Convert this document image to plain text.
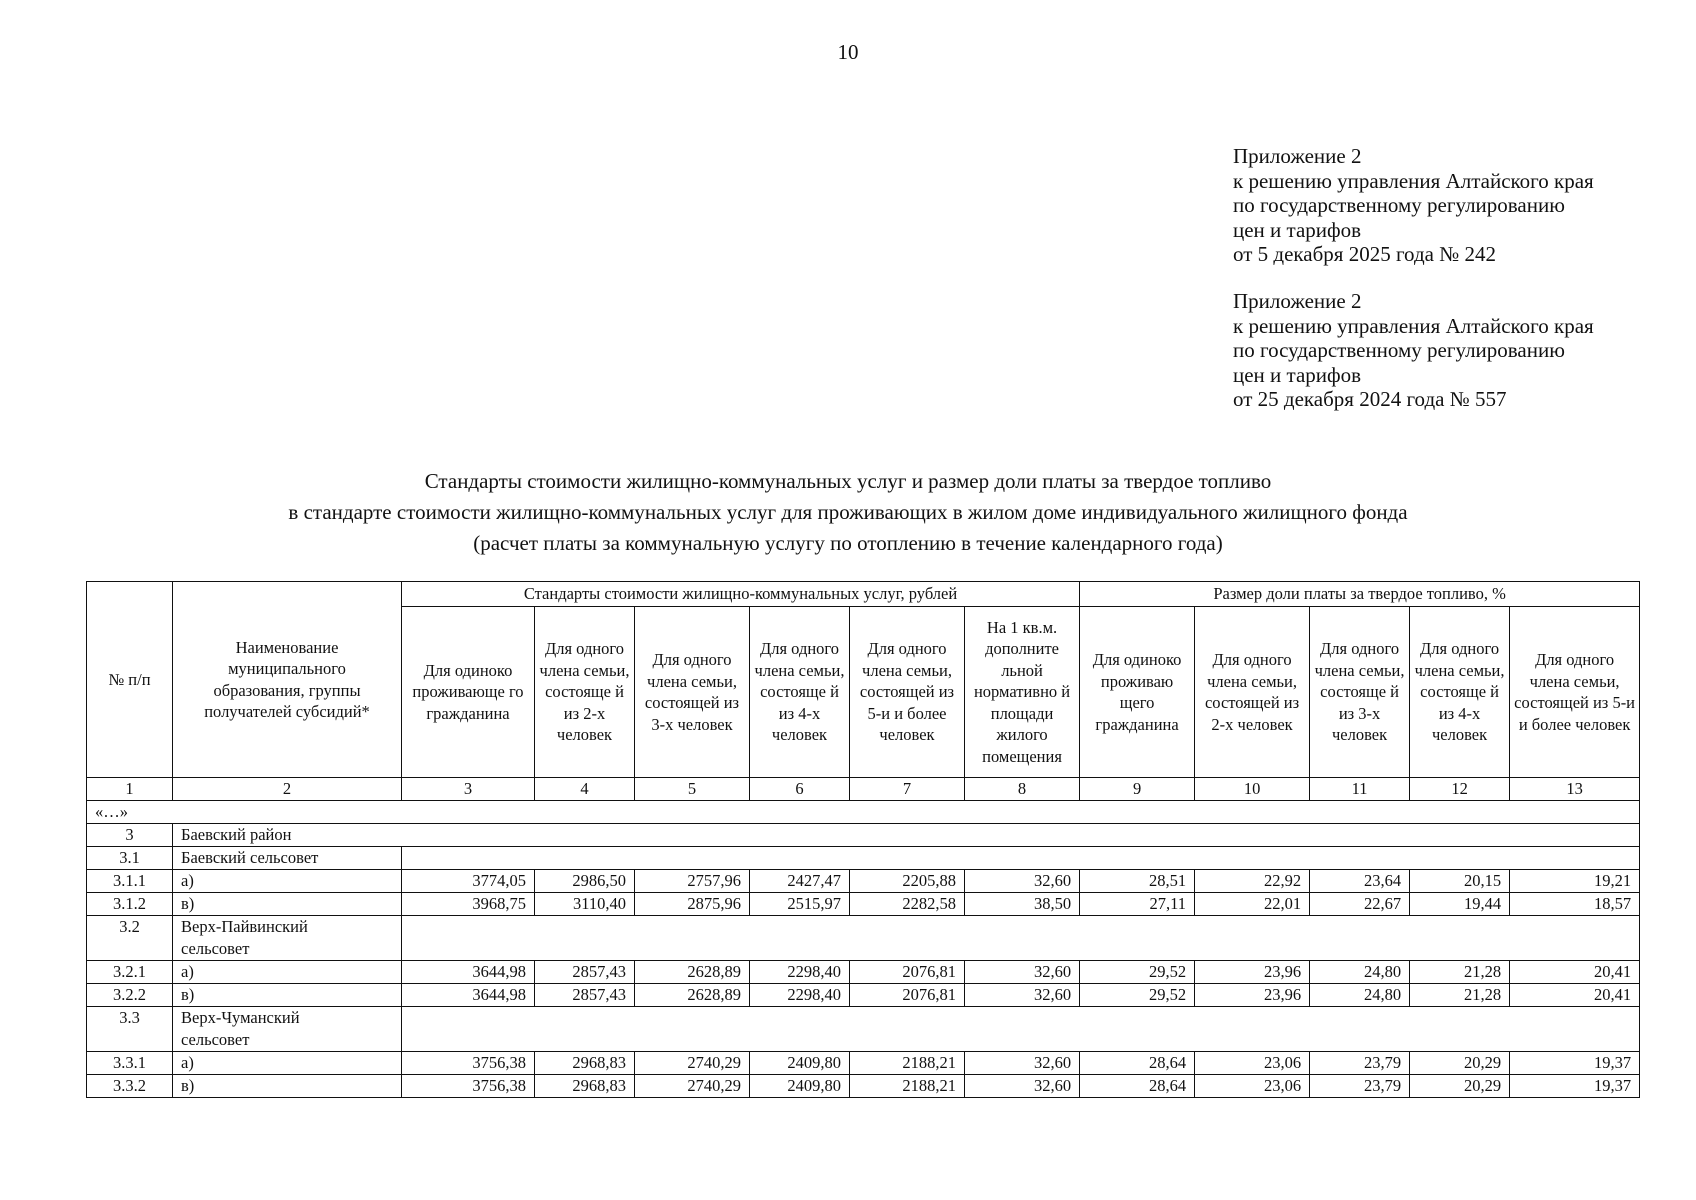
10
Приложение 2
к решению управления Алтайского края
по государственному регулированию
цен и тарифов
от 5 декабря 2025 года № 242
Приложение 2
к решению управления Алтайского края
по государственному регулированию
цен и тарифов
от 25 декабря 2024 года № 557
Стандарты стоимости жилищно-коммунальных услуг и размер доли платы за твердое топливо
в стандарте стоимости жилищно-коммунальных услуг для проживающих в жилом доме индивидуального жилищного фонда
(расчет платы за коммунальную услугу по отоплению в течение календарного года)
№ п/п	Наименование муниципального образования, группы получателей субсидий*	Стандарты стоимости жилищно-коммунальных услуг, рублей						Размер доли платы за твердое топливо, %				
		Для одиноко проживающе го гражданина	Для одного члена семьи, состояще й из 2-х человек	Для одного члена семьи, состоящей из 3-х человек	Для одного члена семьи, состояще й из 4-х человек	Для одного члена семьи, состоящей из 5-и и более человек	На 1 кв.м. дополните льной нормативно й площади жилого помещения	Для одиноко проживаю щего гражданина	Для одного члена семьи, состоящей из 2-х человек	Для одного члена семьи, состояще й из 3-х человек	Для одного члена семьи, состояще й из 4-х человек	Для одного члена семьи, состоящей из 5-и и более человек
1	2	3	4	5	6	7	8	9	10	11	12	13
«…»												
3	Баевский район											
3.1	Баевский сельсовет											
3.1.1	а)	3774,05	2986,50	2757,96	2427,47	2205,88	32,60	28,51	22,92	23,64	20,15	19,21
3.1.2	в)	3968,75	3110,40	2875,96	2515,97	2282,58	38,50	27,11	22,01	22,67	19,44	18,57
3.2	Верх-Пайвинский сельсовет											
3.2.1	а)	3644,98	2857,43	2628,89	2298,40	2076,81	32,60	29,52	23,96	24,80	21,28	20,41
3.2.2	в)	3644,98	2857,43	2628,89	2298,40	2076,81	32,60	29,52	23,96	24,80	21,28	20,41
3.3	Верх-Чуманский сельсовет											
3.3.1	а)	3756,38	2968,83	2740,29	2409,80	2188,21	32,60	28,64	23,06	23,79	20,29	19,37
3.3.2	в)	3756,38	2968,83	2740,29	2409,80	2188,21	32,60	28,64	23,06	23,79	20,29	19,37
